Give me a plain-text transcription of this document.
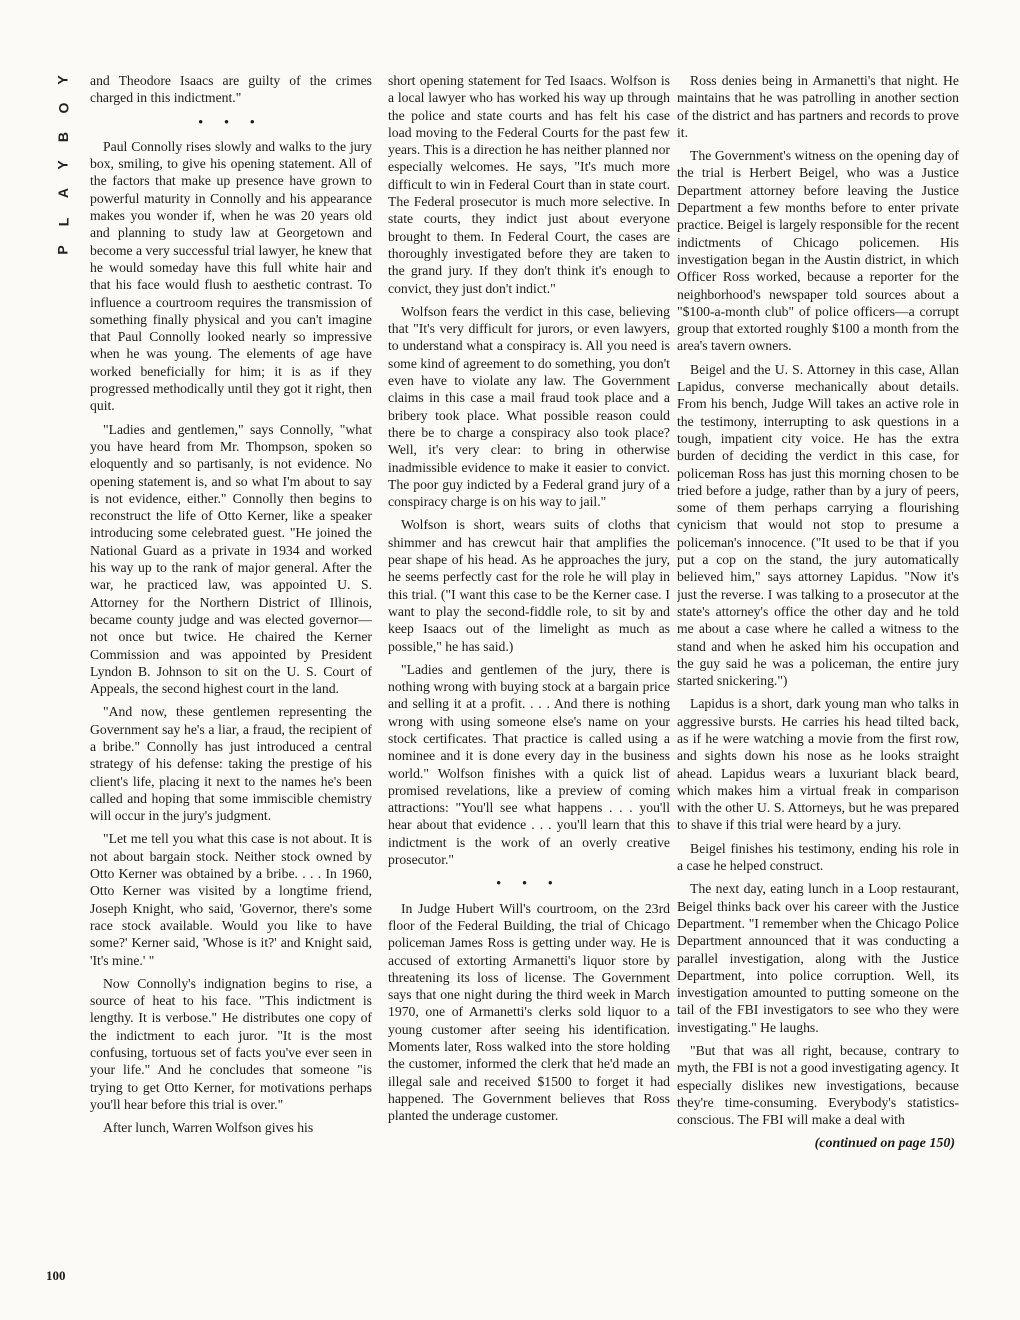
Y
O
B
Y
A
L
P

and Theodore Isaacs are guilty of the crimes charged in this indictment."

• • •

Paul Connolly rises slowly and walks to the jury box, smiling, to give his opening statement. All of the factors that make up presence have grown to powerful maturity in Connolly and his appearance makes you wonder if, when he was 20 years old and planning to study law at Georgetown and become a very successful trial lawyer, he knew that he would someday have this full white hair and that his face would flush to aesthetic contrast. To influence a courtroom requires the transmission of something finally physical and you can't imagine that Paul Connolly looked nearly so impressive when he was young. The elements of age have worked beneficially for him; it is as if they progressed methodically until they got it right, then quit.

"Ladies and gentlemen," says Connolly, "what you have heard from Mr. Thompson, spoken so eloquently and so partisanly, is not evidence. No opening statement is, and so what I'm about to say is not evidence, either." Connolly then begins to reconstruct the life of Otto Kerner, like a speaker introducing some celebrated guest. "He joined the National Guard as a private in 1934 and worked his way up to the rank of major general. After the war, he practiced law, was appointed U. S. Attorney for the Northern District of Illinois, became county judge and was elected governor—not once but twice. He chaired the Kerner Commission and was appointed by President Lyndon B. Johnson to sit on the U. S. Court of Appeals, the second highest court in the land.

"And now, these gentlemen representing the Government say he's a liar, a fraud, the recipient of a bribe." Connolly has just introduced a central strategy of his defense: taking the prestige of his client's life, placing it next to the names he's been called and hoping that some immiscible chemistry will occur in the jury's judgment.

"Let me tell you what this case is not about. It is not about bargain stock. Neither stock owned by Otto Kerner was obtained by a bribe. . . . In 1960, Otto Kerner was visited by a longtime friend, Joseph Knight, who said, 'Governor, there's some race stock available. Would you like to have some?' Kerner said, 'Whose is it?' and Knight said, 'It's mine.' "

Now Connolly's indignation begins to rise, a source of heat to his face. "This indictment is lengthy. It is verbose." He distributes one copy of the indictment to each juror. "It is the most confusing, tortuous set of facts you've ever seen in your life." And he concludes that someone "is trying to get Otto Kerner, for motivations perhaps you'll hear before this trial is over."

After lunch, Warren Wolfson gives his

short opening statement for Ted Isaacs. Wolfson is a local lawyer who has worked his way up through the police and state courts and has felt his case load moving to the Federal Courts for the past few years. This is a direction he has neither planned nor especially welcomes. He says, "It's much more difficult to win in Federal Court than in state court. The Federal prosecutor is much more selective. In state courts, they indict just about everyone brought to them. In Federal Court, the cases are thoroughly investigated before they are taken to the grand jury. If they don't think it's enough to convict, they just don't indict."

Wolfson fears the verdict in this case, believing that "It's very difficult for jurors, or even lawyers, to understand what a conspiracy is. All you need is some kind of agreement to do something, you don't even have to violate any law. The Government claims in this case a mail fraud took place and a bribery took place. What possible reason could there be to charge a conspiracy also took place? Well, it's very clear: to bring in otherwise inadmissible evidence to make it easier to convict. The poor guy indicted by a Federal grand jury of a conspiracy charge is on his way to jail."

Wolfson is short, wears suits of cloths that shimmer and has crewcut hair that amplifies the pear shape of his head. As he approaches the jury, he seems perfectly cast for the role he will play in this trial. ("I want this case to be the Kerner case. I want to play the second-fiddle role, to sit by and keep Isaacs out of the limelight as much as possible," he has said.)

"Ladies and gentlemen of the jury, there is nothing wrong with buying stock at a bargain price and selling it at a profit. . . . And there is nothing wrong with using someone else's name on your stock certificates. That practice is called using a nominee and it is done every day in the business world." Wolfson finishes with a quick list of promised revelations, like a preview of coming attractions: "You'll see what happens . . . you'll hear about that evidence . . . you'll learn that this indictment is the work of an overly creative prosecutor."

• • •

In Judge Hubert Will's courtroom, on the 23rd floor of the Federal Building, the trial of Chicago policeman James Ross is getting under way. He is accused of extorting Armanetti's liquor store by threatening its loss of license. The Government says that one night during the third week in March 1970, one of Armanetti's clerks sold liquor to a young customer after seeing his identification. Moments later, Ross walked into the store holding the customer, informed the clerk that he'd made an illegal sale and received $1500 to forget it had happened. The Government believes that Ross planted the underage customer.

Ross denies being in Armanetti's that night. He maintains that he was patrolling in another section of the district and has partners and records to prove it.

The Government's witness on the opening day of the trial is Herbert Beigel, who was a Justice Department attorney before leaving the Justice Department a few months before to enter private practice. Beigel is largely responsible for the recent indictments of Chicago policemen. His investigation began in the Austin district, in which Officer Ross worked, because a reporter for the neighborhood's newspaper told sources about a "$100-a-month club" of police officers—a corrupt group that extorted roughly $100 a month from the area's tavern owners.

Beigel and the U. S. Attorney in this case, Allan Lapidus, converse mechanically about details. From his bench, Judge Will takes an active role in the testimony, interrupting to ask questions in a tough, impatient city voice. He has the extra burden of deciding the verdict in this case, for policeman Ross has just this morning chosen to be tried before a judge, rather than by a jury of peers, some of them perhaps carrying a flourishing cynicism that would not stop to presume a policeman's innocence. ("It used to be that if you put a cop on the stand, the jury automatically believed him," says attorney Lapidus. "Now it's just the reverse. I was talking to a prosecutor at the state's attorney's office the other day and he told me about a case where he called a witness to the stand and when he asked him his occupation and the guy said he was a policeman, the entire jury started snickering.")

Lapidus is a short, dark young man who talks in aggressive bursts. He carries his head tilted back, as if he were watching a movie from the first row, and sights down his nose as he looks straight ahead. Lapidus wears a luxuriant black beard, which makes him a virtual freak in comparison with the other U. S. Attorneys, but he was prepared to shave if this trial were heard by a jury.

Beigel finishes his testimony, ending his role in a case he helped construct.

The next day, eating lunch in a Loop restaurant, Beigel thinks back over his career with the Justice Department. "I remember when the Chicago Police Department announced that it was conducting a parallel investigation, along with the Justice Department, into police corruption. Well, its investigation amounted to putting someone on the tail of the FBI investigators to see who they were investigating." He laughs.

"But that was all right, because, contrary to myth, the FBI is not a good investigating agency. It especially dislikes new investigations, because they're time-consuming. Everybody's statistics-conscious. The FBI will make a deal with

(continued on page 150)
100
